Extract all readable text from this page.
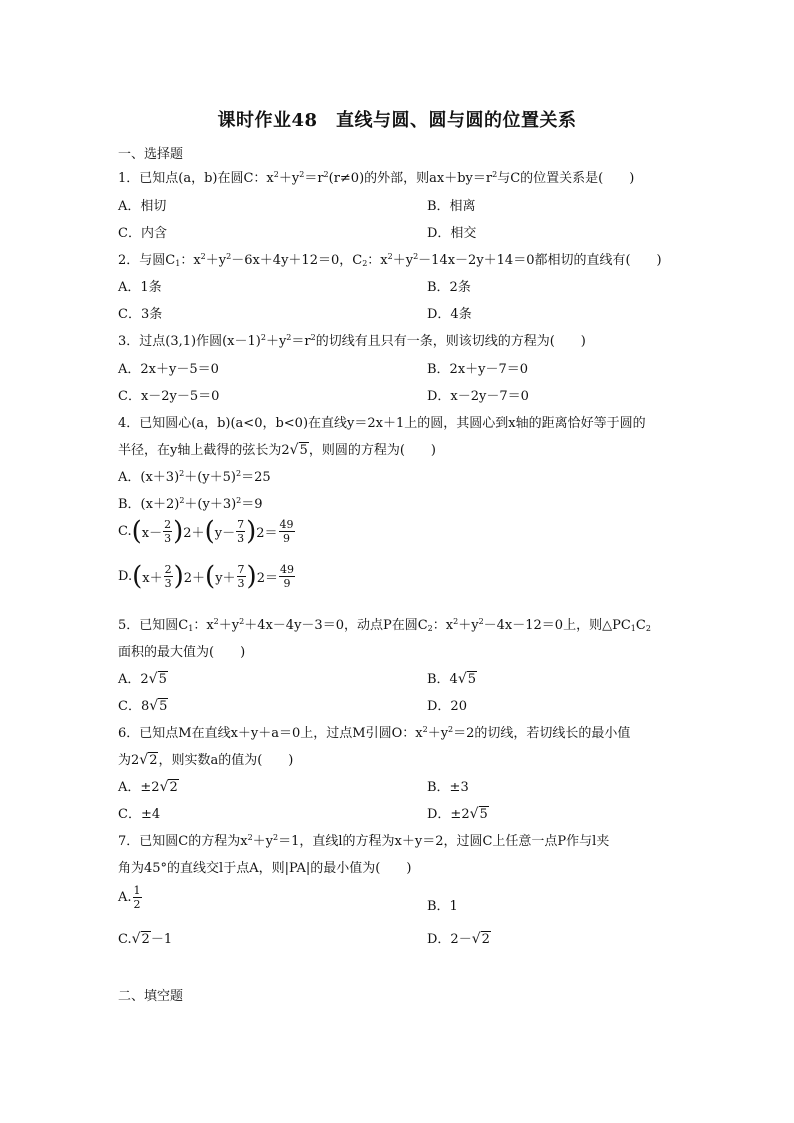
课时作业48　直线与圆、圆与圆的位置关系
一、选择题
1．已知点(a，b)在圆C：$x^2+y^2=r^2(r\ne 0)$的外部，则$ax+by=r^2$与C的位置关系是(　　)
A．相切	B．相离
C．内含	D．相交
2．与圆$C_1$：$x^2+y^2-6x+4y+12=0$，$C_2$：$x^2+y^2-14x-2y+14=0$都相切的直线有(　　)
A．1条	B．2条
C．3条	D．4条
3．过点(3,1)作圆$(x-1)^2+y^2=r^2$的切线有且只有一条，则该切线的方程为(　　)
A．2x＋y－5＝0	B．2x＋y－7＝0
C．x－2y－5＝0	D．x－2y－7＝0
4．已知圆心(a，b)(a<0，b<0)在直线y＝2x＋1上的圆，其圆心到x轴的距离恰好等于圆的
半径，在y轴上截得的弦长为2√5，则圆的方程为(　　)
A．$(x+3)^2+(y+5)^2=25$
B．$(x+2)^2+(y+3)^2=9$
$C.(x- \frac{2}{3} )2+(y- \frac{7}{3} )2= \frac{49}{9}$
$D.(x+ \frac{2}{3} )2+(y+ \frac{7}{3} )2= \frac{49}{9}$
5．已知圆$C_1$：$x^2+y^2+4x-4y-3=0$，动点P在圆$C_2$：$x^2+y^2-4x-12=0$上，则$\triangle PC_1C_2$
面积的最大值为(　　)
A．2√5	B．4√5
C．8√5	D．20
6．已知点M在直线x＋y＋a＝0上，过点M引圆O：$x^2+y^2=2$的切线，若切线长的最小值
为2√2，则实数a的值为(　　)
A．±2√2	B．±3
C．±4	D．±2√5
7．已知圆C的方程为$x^2+y^2=1$，直线l的方程为x＋y＝2，过圆C上任意一点P作与l夹
角为45°的直线交l于点A，则|PA|的最小值为(　　)
A. $\frac{1}{2}$	B．1
C.√2－1	D．2－√2
二、填空题
